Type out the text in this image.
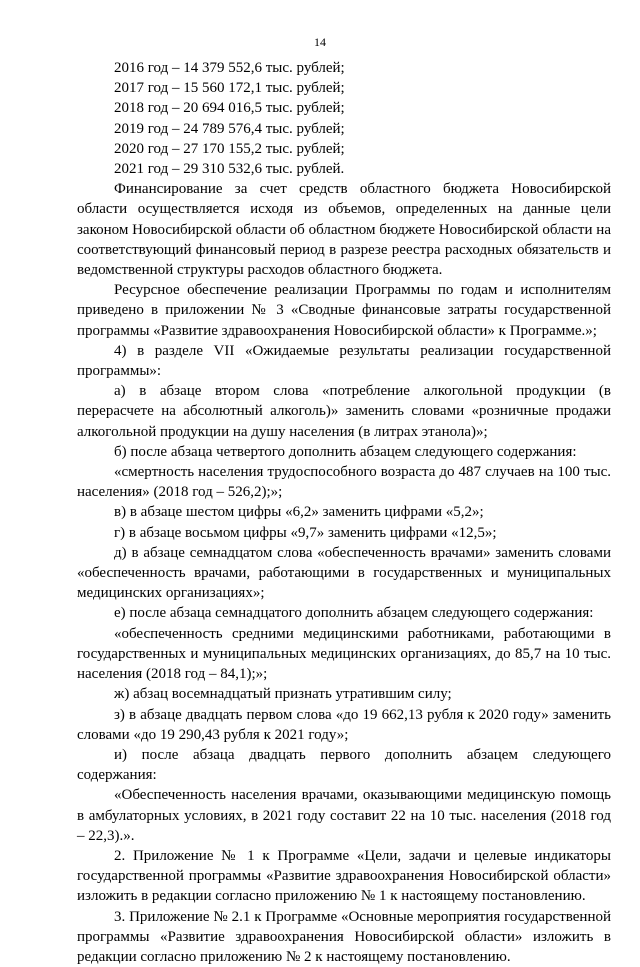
14
2016 год – 14 379 552,6 тыс. рублей;
2017 год – 15 560 172,1 тыс. рублей;
2018 год – 20 694 016,5 тыс. рублей;
2019 год – 24 789 576,4 тыс. рублей;
2020 год – 27 170 155,2 тыс. рублей;
2021 год – 29 310 532,6 тыс. рублей.

Финансирование за счет средств областного бюджета Новосибирской области осуществляется исходя из объемов, определенных на данные цели законом Новосибирской области об областном бюджете Новосибирской области на соответствующий финансовый период в разрезе реестра расходных обязательств и ведомственной структуры расходов областного бюджета.

Ресурсное обеспечение реализации Программы по годам и исполнителям приведено в приложении № 3 «Сводные финансовые затраты государственной программы «Развитие здравоохранения Новосибирской области» к Программе.»;

4) в разделе VII «Ожидаемые результаты реализации государственной программы»:

а) в абзаце втором слова «потребление алкогольной продукции (в перерасчете на абсолютный алкоголь)» заменить словами «розничные продажи алкогольной продукции на душу населения (в литрах этанола)»;

б) после абзаца четвертого дополнить абзацем следующего содержания:

«смертность населения трудоспособного возраста до 487 случаев на 100 тыс. населения» (2018 год – 526,2);»;

в) в абзаце шестом цифры «6,2» заменить цифрами «5,2»;

г) в абзаце восьмом цифры «9,7» заменить цифрами «12,5»;

д) в абзаце семнадцатом слова «обеспеченность врачами» заменить словами «обеспеченность врачами, работающими в государственных и муниципальных медицинских организациях»;

е) после абзаца семнадцатого дополнить абзацем следующего содержания:

«обеспеченность средними медицинскими работниками, работающими в государственных и муниципальных медицинских организациях, до 85,7 на 10 тыс. населения (2018 год – 84,1);»;

ж) абзац восемнадцатый признать утратившим силу;

з) в абзаце двадцать первом слова «до 19 662,13 рубля к 2020 году» заменить словами «до 19 290,43 рубля к 2021 году»;

и) после абзаца двадцать первого дополнить абзацем следующего содержания:

«Обеспеченность населения врачами, оказывающими медицинскую помощь в амбулаторных условиях, в 2021 году составит 22 на 10 тыс. населения (2018 год – 22,3).».

2. Приложение № 1 к Программе «Цели, задачи и целевые индикаторы государственной программы «Развитие здравоохранения Новосибирской области» изложить в редакции согласно приложению № 1 к настоящему постановлению.

3. Приложение № 2.1 к Программе «Основные мероприятия государственной программы «Развитие здравоохранения Новосибирской области» изложить в редакции согласно приложению № 2 к настоящему постановлению.
